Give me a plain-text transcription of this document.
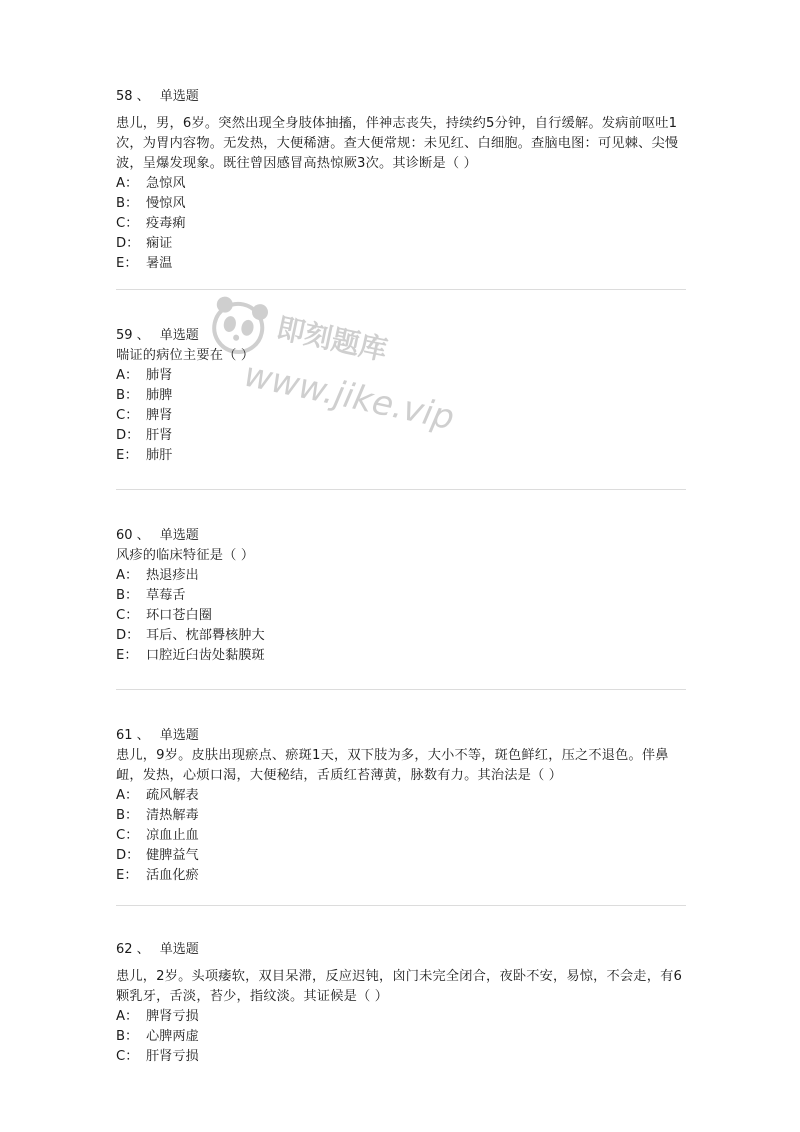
58 、 单选题
患儿，男，6岁。突然出现全身肢体抽搐，伴神志丧失，持续约5分钟，自行缓解。发病前呕吐1次，为胃内容物。无发热，大便稀溏。查大便常规：未见红、白细胞。查脑电图：可见棘、尖慢波，呈爆发现象。既往曾因感冒高热惊厥3次。其诊断是（ ）
A： 急惊风
B： 慢惊风
C： 疫毒痢
D： 痫证
E： 暑温
59 、 单选题
喘证的病位主要在（ ）
A： 肺肾
B： 肺脾
C： 脾肾
D： 肝肾
E： 肺肝
60 、 单选题
风疹的临床特征是（ ）
A： 热退疹出
B： 草莓舌
C： 环口苍白圈
D： 耳后、枕部臖核肿大
E： 口腔近臼齿处黏膜斑
61 、 单选题
患儿，9岁。皮肤出现瘀点、瘀斑1天，双下肢为多，大小不等，斑色鲜红，压之不退色。伴鼻衄，发热，心烦口渴，大便秘结，舌质红苔薄黄，脉数有力。其治法是（ ）
A： 疏风解表
B： 清热解毒
C： 凉血止血
D： 健脾益气
E： 活血化瘀
62 、 单选题
患儿，2岁。头项痿软，双目呆滞，反应迟钝，囟门未完全闭合，夜卧不安，易惊，不会走，有6颗乳牙，舌淡，苔少，指纹淡。其证候是（ ）
A： 脾肾亏损
B： 心脾两虚
C： 肝肾亏损
即刻题库
www.jike.vip
